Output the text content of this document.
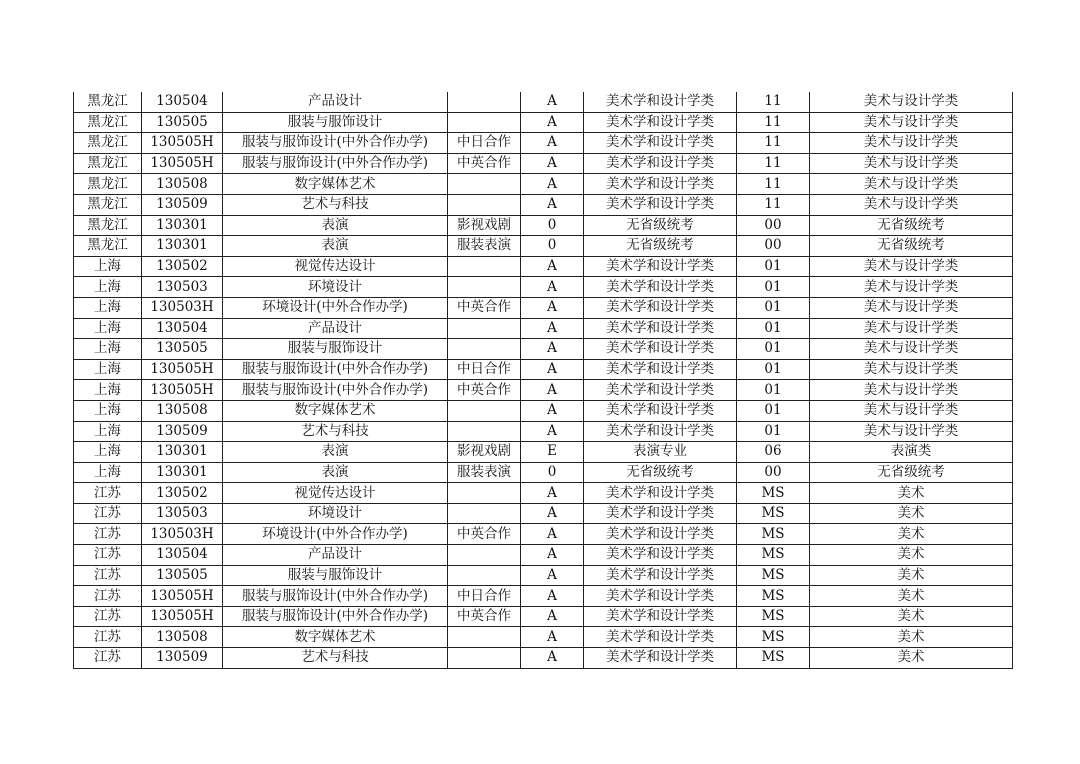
黑龙江	130504	产品设计		A	美术学和设计学类	11	美术与设计学类
黑龙江	130505	服装与服饰设计		A	美术学和设计学类	11	美术与设计学类
黑龙江	130505H	服装与服饰设计(中外合作办学)	中日合作	A	美术学和设计学类	11	美术与设计学类
黑龙江	130505H	服装与服饰设计(中外合作办学)	中英合作	A	美术学和设计学类	11	美术与设计学类
黑龙江	130508	数字媒体艺术		A	美术学和设计学类	11	美术与设计学类
黑龙江	130509	艺术与科技		A	美术学和设计学类	11	美术与设计学类
黑龙江	130301	表演	影视戏剧	0	无省级统考	00	无省级统考
黑龙江	130301	表演	服装表演	0	无省级统考	00	无省级统考
上海	130502	视觉传达设计		A	美术学和设计学类	01	美术与设计学类
上海	130503	环境设计		A	美术学和设计学类	01	美术与设计学类
上海	130503H	环境设计(中外合作办学)	中英合作	A	美术学和设计学类	01	美术与设计学类
上海	130504	产品设计		A	美术学和设计学类	01	美术与设计学类
上海	130505	服装与服饰设计		A	美术学和设计学类	01	美术与设计学类
上海	130505H	服装与服饰设计(中外合作办学)	中日合作	A	美术学和设计学类	01	美术与设计学类
上海	130505H	服装与服饰设计(中外合作办学)	中英合作	A	美术学和设计学类	01	美术与设计学类
上海	130508	数字媒体艺术		A	美术学和设计学类	01	美术与设计学类
上海	130509	艺术与科技		A	美术学和设计学类	01	美术与设计学类
上海	130301	表演	影视戏剧	E	表演专业	06	表演类
上海	130301	表演	服装表演	0	无省级统考	00	无省级统考
江苏	130502	视觉传达设计		A	美术学和设计学类	MS	美术
江苏	130503	环境设计		A	美术学和设计学类	MS	美术
江苏	130503H	环境设计(中外合作办学)	中英合作	A	美术学和设计学类	MS	美术
江苏	130504	产品设计		A	美术学和设计学类	MS	美术
江苏	130505	服装与服饰设计		A	美术学和设计学类	MS	美术
江苏	130505H	服装与服饰设计(中外合作办学)	中日合作	A	美术学和设计学类	MS	美术
江苏	130505H	服装与服饰设计(中外合作办学)	中英合作	A	美术学和设计学类	MS	美术
江苏	130508	数字媒体艺术		A	美术学和设计学类	MS	美术
江苏	130509	艺术与科技		A	美术学和设计学类	MS	美术
